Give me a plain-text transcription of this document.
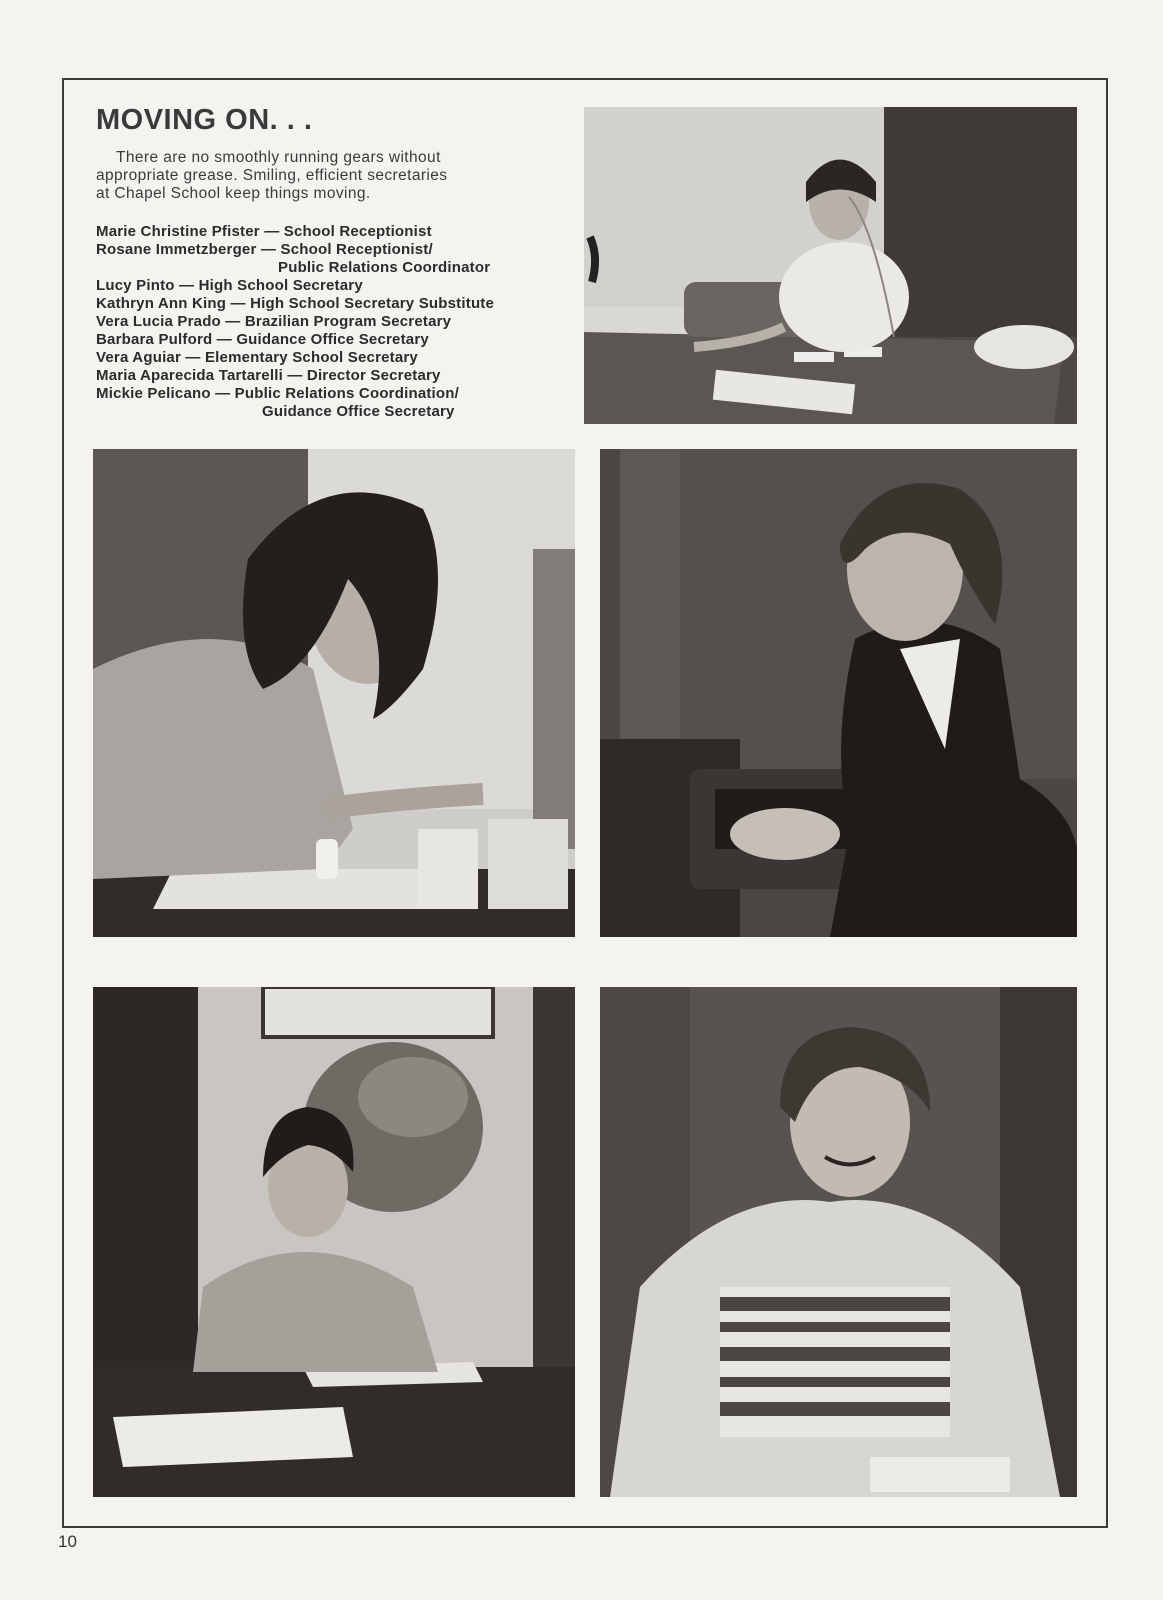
MOVING ON. . .

There are no smoothly running gears without
appropriate grease. Smiling, efficient secretaries
at Chapel School keep things moving.

Marie Christine Pfister — School Receptionist
Rosane Immetzberger — School Receptionist/
Public Relations Coordinator
Lucy Pinto — High School Secretary
Kathryn Ann King — High School Secretary Substitute
Vera Lucia Prado — Brazilian Program Secretary
Barbara Pulford — Guidance Office Secretary
Vera Aguiar — Elementary School Secretary
Maria Aparecida Tartarelli — Director Secretary
Mickie Pelicano — Public Relations Coordination/
Guidance Office Secretary
10
